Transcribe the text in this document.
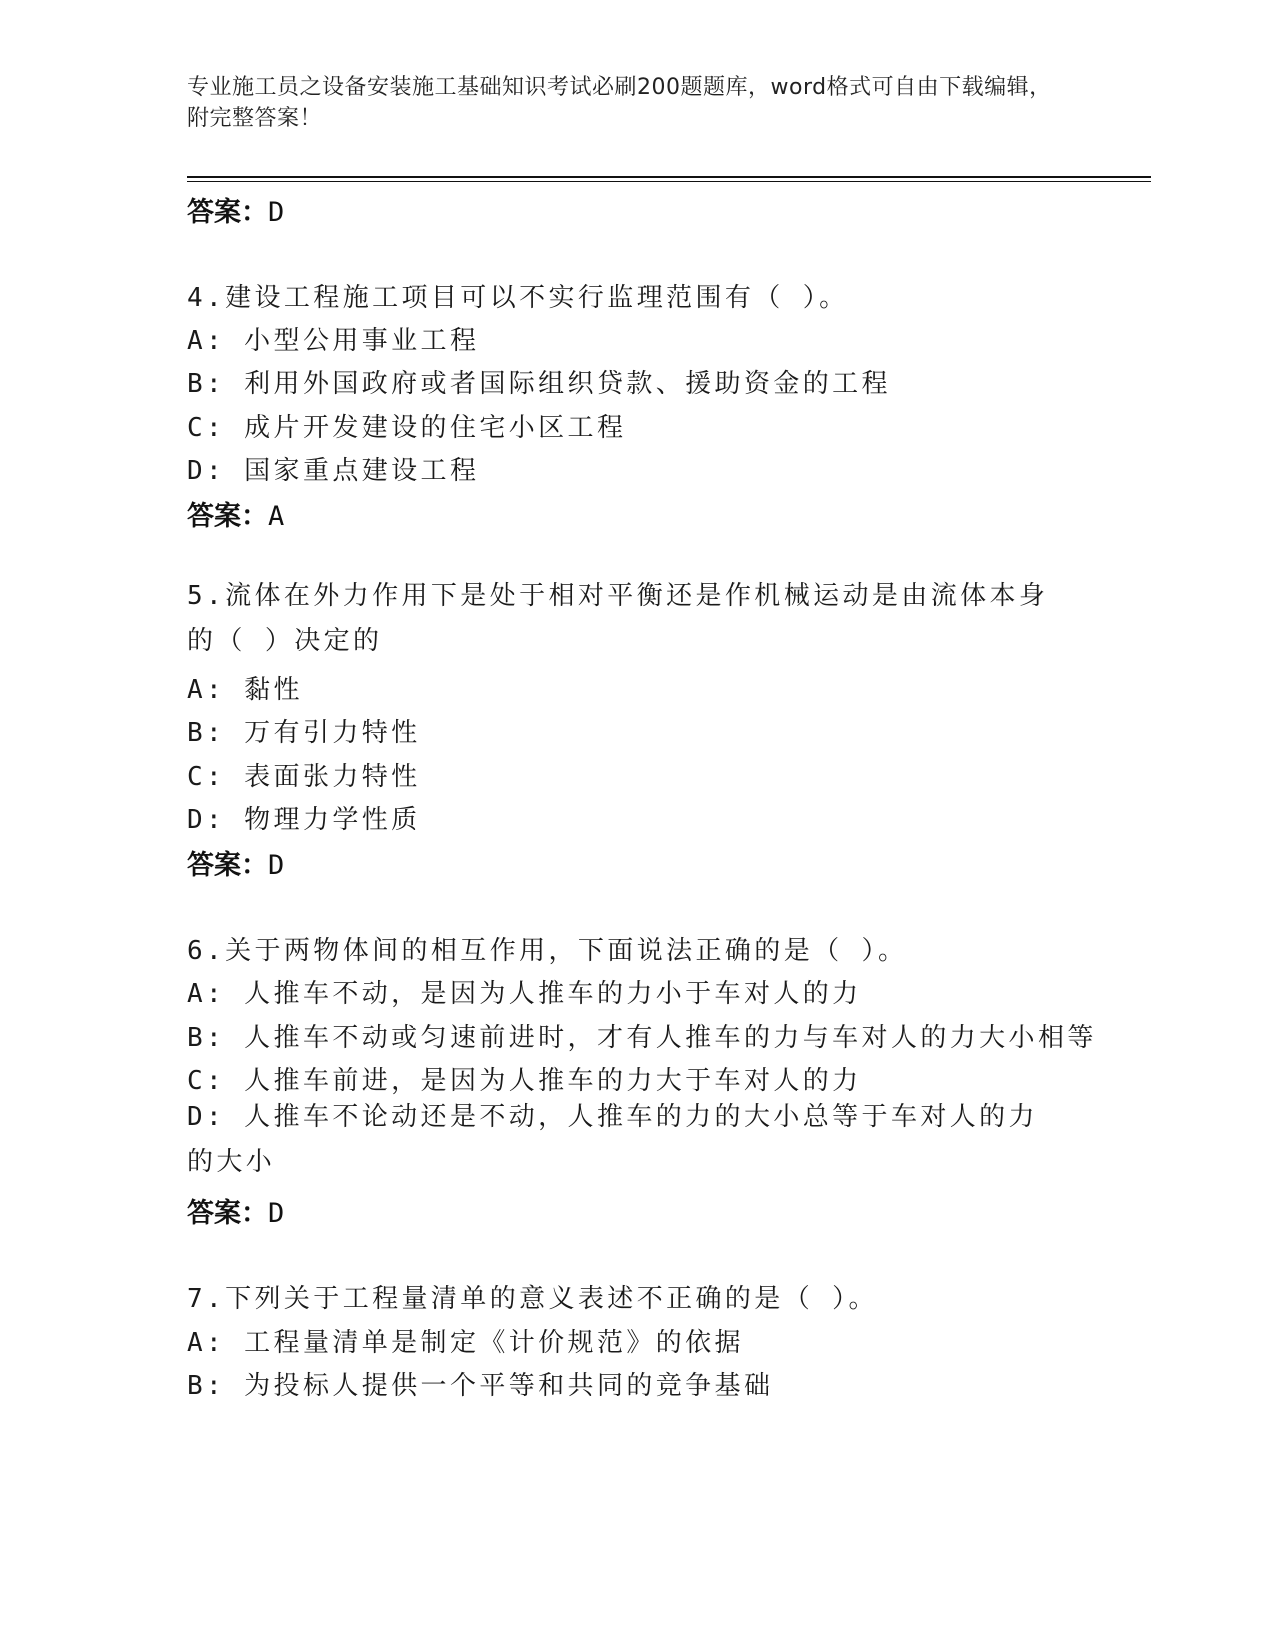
专业施工员之设备安装施工基础知识考试必刷200题题库，word格式可自由下载编辑，附完整答案！
答案：D
4.建设工程施工项目可以不实行监理范围有（ ）。
A: 小型公用事业工程
B: 利用外国政府或者国际组织贷款、援助资金的工程
C: 成片开发建设的住宅小区工程
D: 国家重点建设工程
答案：A
5.流体在外力作用下是处于相对平衡还是作机械运动是由流体本身的（ ）决定的
A: 黏性
B: 万有引力特性
C: 表面张力特性
D: 物理力学性质
答案：D
6.关于两物体间的相互作用，下面说法正确的是（ ）。
A: 人推车不动，是因为人推车的力小于车对人的力
B: 人推车不动或匀速前进时，才有人推车的力与车对人的力大小相等
C: 人推车前进，是因为人推车的力大于车对人的力
D: 人推车不论动还是不动，人推车的力的大小总等于车对人的力的大小
答案：D
7.下列关于工程量清单的意义表述不正确的是（ ）。
A: 工程量清单是制定《计价规范》的依据
B: 为投标人提供一个平等和共同的竞争基础
